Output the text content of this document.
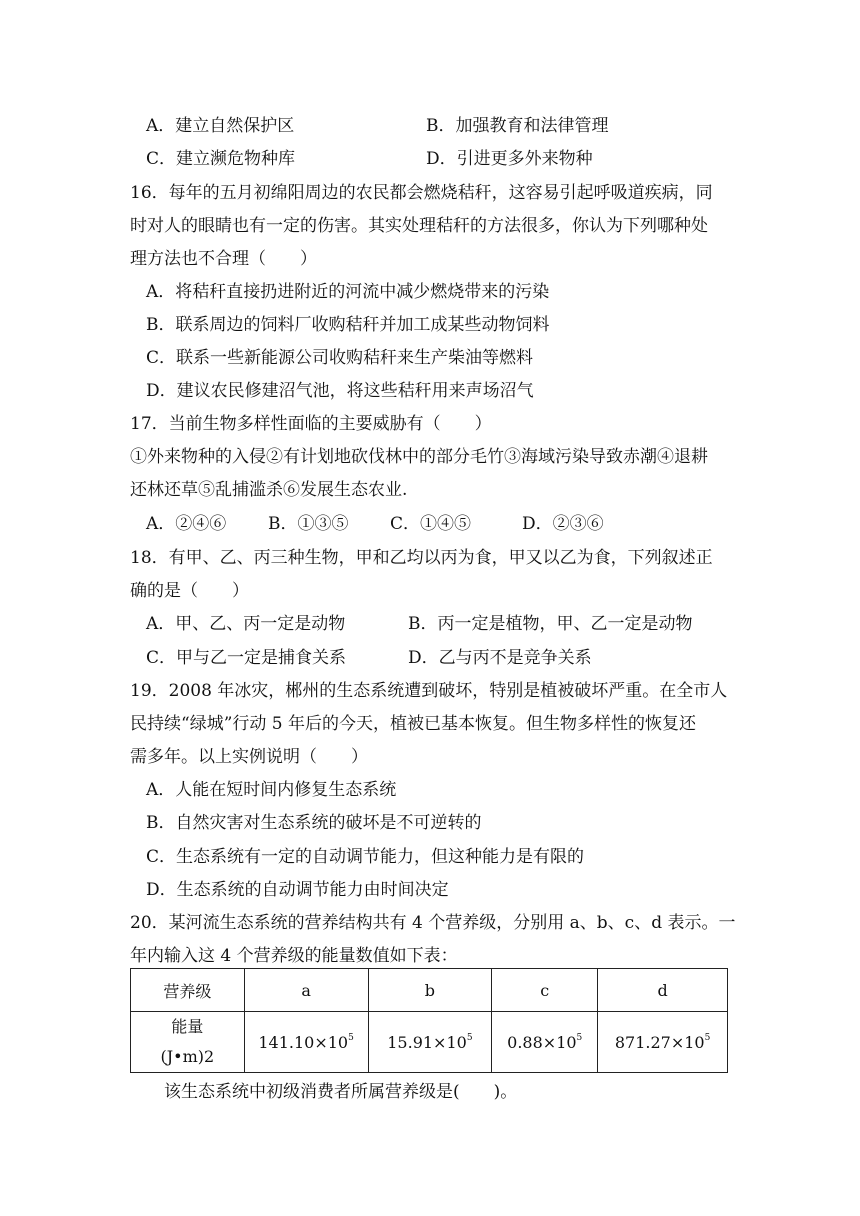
A．建立自然保护区	B．加强教育和法律管理
C．建立濒危物种库	D．引进更多外来物种
16．每年的五月初绵阳周边的农民都会燃烧秸秆，这容易引起呼吸道疾病，同
时对人的眼睛也有一定的伤害。其实处理秸秆的方法很多，你认为下列哪种处
理方法也不合理（　　）
A．将秸秆直接扔进附近的河流中减少燃烧带来的污染
B．联系周边的饲料厂收购秸秆并加工成某些动物饲料
C．联系一些新能源公司收购秸秆来生产柴油等燃料
D．建议农民修建沼气池，将这些秸秆用来声场沼气
17．当前生物多样性面临的主要威胁有（　　）
①外来物种的入侵②有计划地砍伐林中的部分毛竹③海域污染导致赤潮④退耕
还林还草⑤乱捕滥杀⑥发展生态农业.
A．②④⑥ B．①③⑤ C．①④⑤	D．②③⑥
18．有甲、乙、丙三种生物，甲和乙均以丙为食，甲又以乙为食，下列叙述正
确的是（　　）
A．甲、乙、丙一定是动物	B．丙一定是植物，甲、乙一定是动物
C．甲与乙一定是捕食关系	D．乙与丙不是竞争关系
19．2008 年冰灾，郴州的生态系统遭到破坏，特别是植被破坏严重。在全市人
民持续“绿城”行动 5 年后的今天，植被已基本恢复。但生物多样性的恢复还
需多年。以上实例说明（　　）
A．人能在短时间内修复生态系统
B．自然灾害对生态系统的破坏是不可逆转的
C．生态系统有一定的自动调节能力，但这种能力是有限的
D．生态系统的自动调节能力由时间决定
20．某河流生态系统的营养结构共有 4 个营养级，分别用 a、b、c、d 表示。一
年内输入这 4 个营养级的能量数值如下表：
营养级	a	b	c	d

能量
(J•m)2	$141.10\times 10^5$	$15.91\times 10^5$	$0.88\times 10^5$	$871.27\times 10^5$
该生态系统中初级消费者所属营养级是(　　)。
